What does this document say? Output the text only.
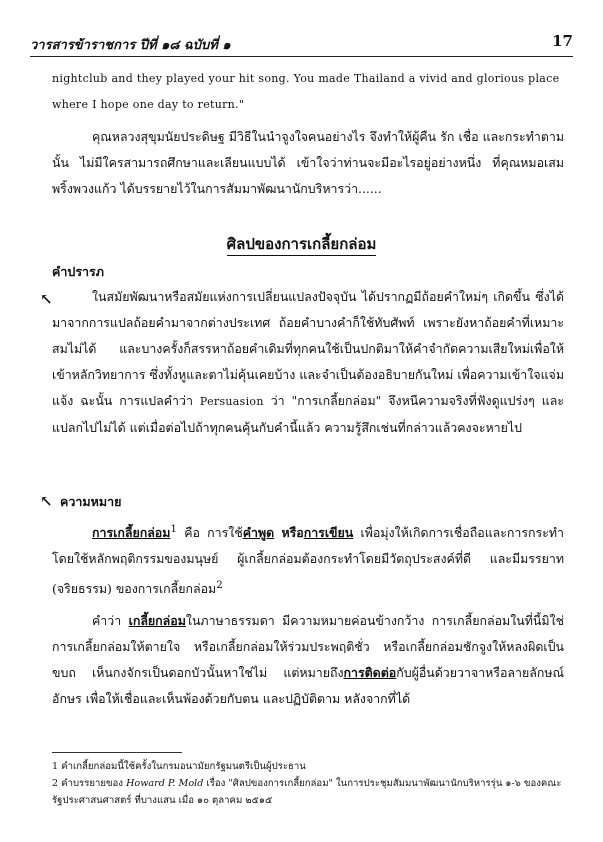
วารสารข้าราชการ ปีที่ ๑๘ ฉบับที่ ๑	17

nightclub and they played your hit song. You made Thailand a vivid and glorious place

where I hope one day to return."

คุณหลวงสุขุมนัยประดิษฐ มีวิธีในนำจูงใจคนอย่างไร จึงทำให้ผู้คืน รัก เชื่อ และกระทำตาม นั้น ไม่มีใครสามารถศึกษาและเลียนแบบได้ เข้าใจว่าท่านจะมีอะไรอยู่อย่างหนึ่ง ที่คุณหมอเสม พริ้งพวงแก้ว ได้บรรยายไว้ในการสัมมาพัฒนานักบริหารว่า......

ศิลปของการเกลี้ยกล่อม
คำปรารภ
↖	ในสมัยพัฒนาหรือสมัยแห่งการเปลี่ยนแปลงปัจจุบัน ได้ปรากฏมีถ้อยคำใหม่ๆ เกิดขึ้น ซึ่งได้มาจากการแปลถ้อยคำมาจากต่างประเทศ ถ้อยคำบางคำก็ใช้ทับศัพท์ เพราะยังหาถ้อยคำที่เหมาะสมไม่ได้ และบางครั้งก็สรรหาถ้อยคำเดิมที่ทุกคนใช้เป็นปกติมาให้คำจำกัดความเสียใหม่เพื่อให้เข้าหลักวิทยาการ ซึ่งทั้งหูและตาไม่คุ้นเคยบ้าง และจำเป็นต้องอธิบายกันใหม่ เพื่อความเข้าใจแจ่มแจ้ง ฉะนั้น การแปลคำว่า Persuasion ว่า "การเกลี้ยกล่อม" จึงหนีความจริงที่ฟังดูแปร่งๆ และแปลกไปไม่ได้ แต่เมื่อต่อไปถ้าทุกคนคุ้นกับคำนี้แล้ว ความรู้สึกเช่นที่กล่าวแล้วคงจะหายไป

↖ ความหมาย

การเกลี้ยกล่อม$^1$ คือ การใช้คำพูด หรือการเขียน เพื่อมุ่งให้เกิดการเชื่อถือและการกระทำ โดยใช้หลักพฤติกรรมของมนุษย์ ผู้เกลี้ยกล่อมต้องกระทำโดยมีวัตถุประสงค์ที่ดี และมีมรรยาท (จริยธรรม) ของการเกลี้ยกล่อม$^2$

คำว่า เกลี้ยกล่อมในภาษาธรรมดา มีความหมายค่อนข้างกว้าง การเกลี้ยกล่อมในที่นี้มิใช่การเกลี้ยกล่อมให้ตายใจ หรือเกลี้ยกล่อมให้ร่วมประพฤติชั่ว หรือเกลี้ยกล่อมชักจูงให้หลงผิดเป็นขบถ เห็นกงจักรเป็นดอกบัวนั้นหาใช่ไม่ แต่หมายถึงการติดต่อกับผู้อื่นด้วยวาจาหรือลายลักษณ์อักษร เพื่อให้เชื่อและเห็นพ้องด้วยกับตน และปฏิบัติตาม หลังจากที่ได้

1 คำเกลี้ยกล่อมนี้ใช้ครั้งในกรมอนามัยกรัฐมนตรีเป็นผู้ประธาน

2 คำบรรยายของ Howard P. Mold เรื่อง "ศิลปของการเกลี้ยกล่อม" ในการประชุมสัมมนาพัฒนานักบริหารรุ่น ๑-๖ ของคณะรัฐประศาสนศาสตร์ ที่บางแสน เมื่อ ๑๐ ตุลาคม ๒๕๑๕
